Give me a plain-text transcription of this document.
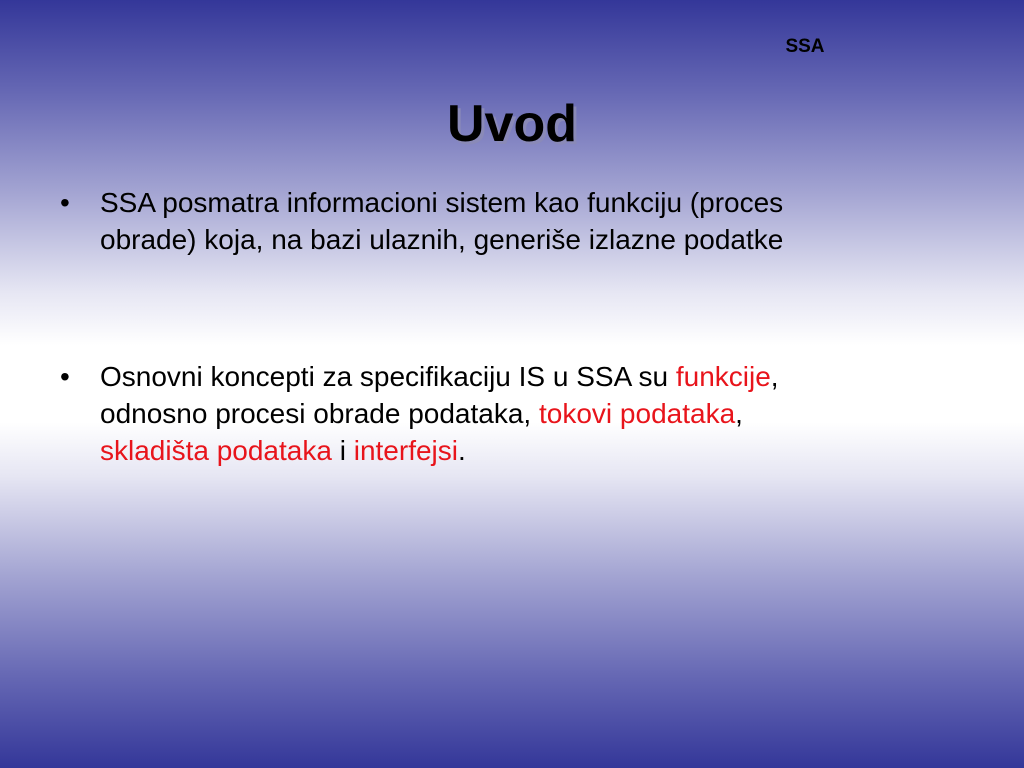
SSA
Uvod
• SSA posmatra informacioni sistem kao funkciju (proces
obrade) koja, na bazi ulaznih, generiše izlazne podatke
• Osnovni koncepti za specifikaciju IS u SSA su funkcije,
odnosno procesi obrade podataka, tokovi podataka,
skladišta podataka i interfejsi.
